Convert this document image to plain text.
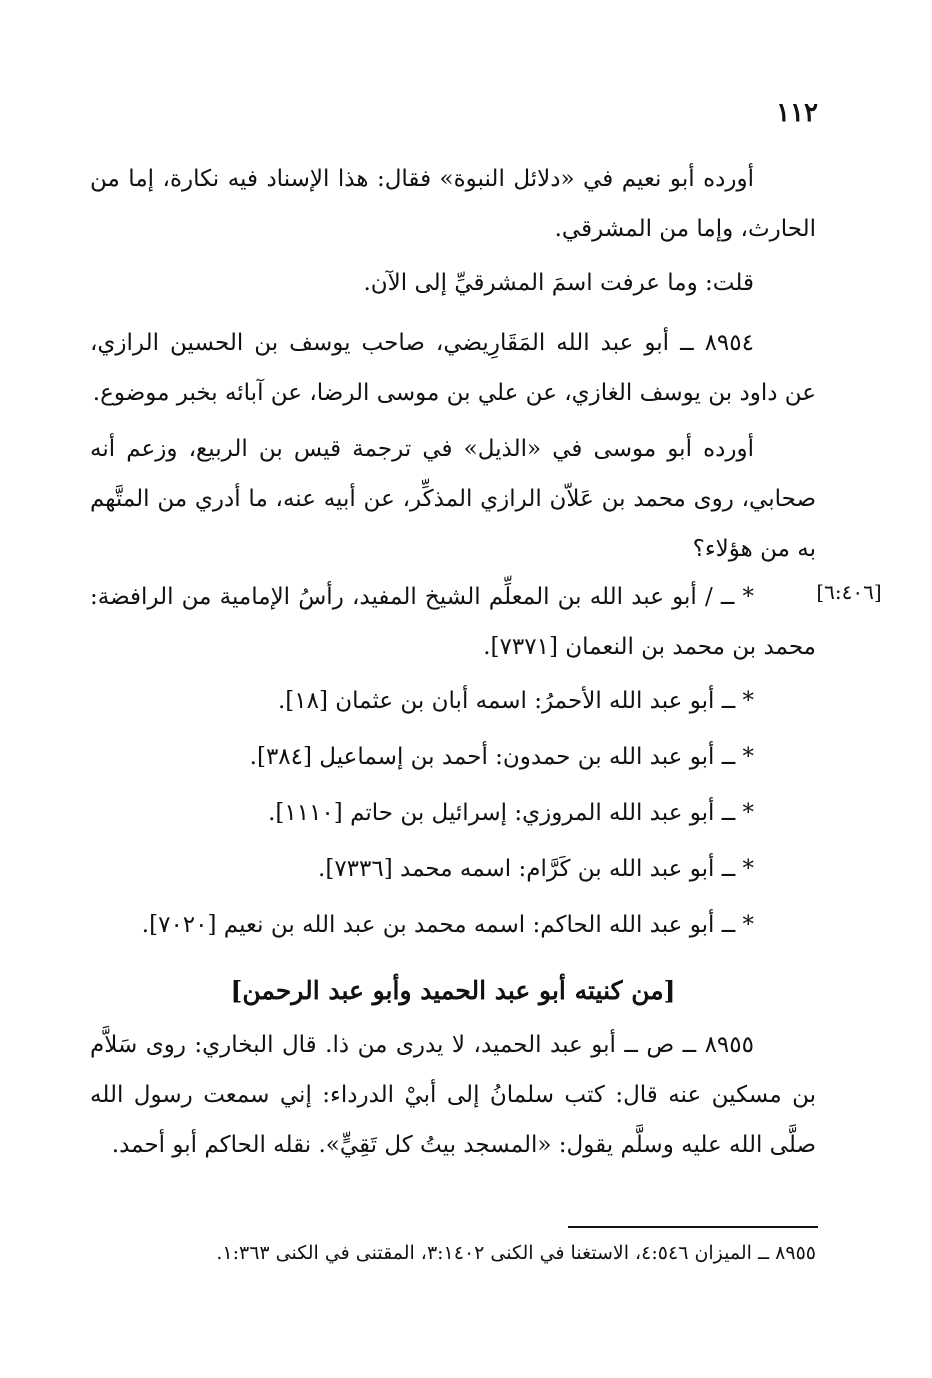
١١٢
أورده أبو نعيم في «دلائل النبوة» فقال: هذا الإسناد فيه نكارة، إما من الحارث، وإما من المشرقي.
قلت: وما عرفت اسمَ المشرقيِّ إلى الآن.
٨٩٥٤ ــ أبو عبد الله المَقَارِيضي، صاحب يوسف بن الحسين الرازي، عن داود بن يوسف الغازي، عن علي بن موسى الرضا، عن آبائه بخبر موضوع.
أورده أبو موسى في «الذيل» في ترجمة قيس بن الربيع، وزعم أنه صحابي، روى محمد بن عَلاّن الرازي المذكِّر، عن أبيه عنه، ما أدري من المتَّهم به من هؤلاء؟
[٦:٤٠٦]
* ــ / أبو عبد الله بن المعلِّم الشيخ المفيد، رأسُ الإمامية من الرافضة: محمد بن محمد بن النعمان [٧٣٧١].
* ــ أبو عبد الله الأحمرُ: اسمه أبان بن عثمان [١٨].
* ــ أبو عبد الله بن حمدون: أحمد بن إسماعيل [٣٨٤].
* ــ أبو عبد الله المروزي: إسرائيل بن حاتم [١١١٠].
* ــ أبو عبد الله بن كَرَّام: اسمه محمد [٧٣٣٦].
* ــ أبو عبد الله الحاكم: اسمه محمد بن عبد الله بن نعيم [٧٠٢٠].
[من كنيته أبو عبد الحميد وأبو عبد الرحمن]
٨٩٥٥ ــ ص ــ أبو عبد الحميد، لا يدرى من ذا. قال البخاري: روى سَلاَّم بن مسكين عنه قال: كتب سلمانُ إلى أبيْ الدرداء: إني سمعت رسول الله صلَّى الله عليه وسلَّم يقول: «المسجد بيتُ كل تَقِيٍّ». نقله الحاكم أبو أحمد.
٨٩٥٥ ــ الميزان ٤:٥٤٦، الاستغنا في الكنى ٣:١٤٠٢، المقتنى في الكنى ١:٣٦٣.
